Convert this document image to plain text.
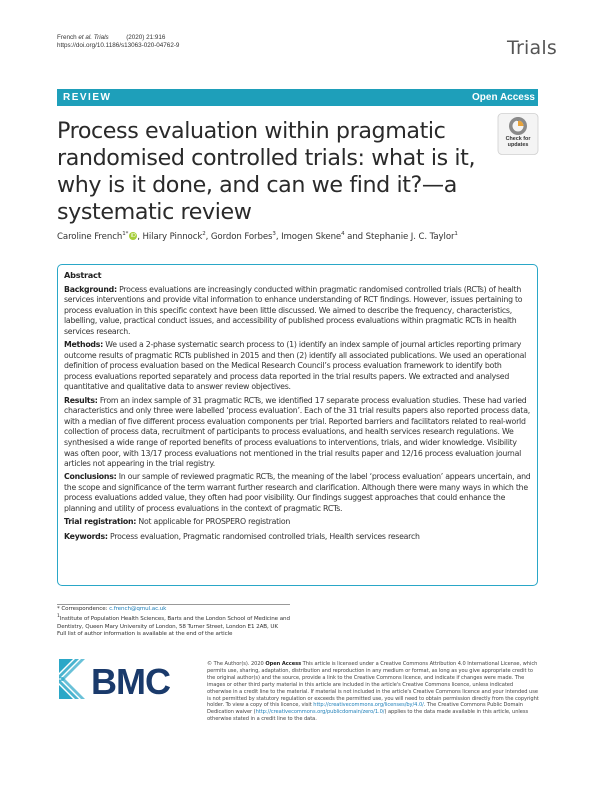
French et al. Trials	(2020) 21:916
https://doi.org/10.1186/s13063-020-04762-9	Trials
REVIEW	Open Access
Process evaluation within pragmatic randomised controlled trials: what is it, why is it done, and can we find it?—a systematic review
Check for
updates
Caroline French$^{1*}$ iD, Hilary Pinnock$^2$, Gordon Forbes$^3$, Imogen Skene$^4$ and Stephanie J. C. Taylor$^1$
Abstract

Background: Process evaluations are increasingly conducted within pragmatic randomised controlled trials (RCTs) of health services interventions and provide vital information to enhance understanding of RCT findings. However, issues pertaining to process evaluation in this specific context have been little discussed. We aimed to describe the frequency, characteristics, labelling, value, practical conduct issues, and accessibility of published process evaluations within pragmatic RCTs in health services research.

Methods: We used a 2-phase systematic search process to (1) identify an index sample of journal articles reporting primary outcome results of pragmatic RCTs published in 2015 and then (2) identify all associated publications. We used an operational definition of process evaluation based on the Medical Research Council’s process evaluation framework to identify both process evaluations reported separately and process data reported in the trial results papers. We extracted and analysed quantitative and qualitative data to answer review objectives.

Results: From an index sample of 31 pragmatic RCTs, we identified 17 separate process evaluation studies. These had varied characteristics and only three were labelled ‘process evaluation’. Each of the 31 trial results papers also reported process data, with a median of five different process evaluation components per trial. Reported barriers and facilitators related to real-world collection of process data, recruitment of participants to process evaluations, and health services research regulations. We synthesised a wide range of reported benefits of process evaluations to interventions, trials, and wider knowledge. Visibility was often poor, with 13/17 process evaluations not mentioned in the trial results paper and 12/16 process evaluation journal articles not appearing in the trial registry.

Conclusions: In our sample of reviewed pragmatic RCTs, the meaning of the label ‘process evaluation’ appears uncertain, and the scope and significance of the term warrant further research and clarification. Although there were many ways in which the process evaluations added value, they often had poor visibility. Our findings suggest approaches that could enhance the planning and utility of process evaluations in the context of pragmatic RCTs.

Trial registration: Not applicable for PROSPERO registration

Keywords: Process evaluation, Pragmatic randomised controlled trials, Health services research

* Correspondence: c.french@qmul.ac.uk

$^1$Institute of Population Health Sciences, Barts and the London School of Medicine and Dentistry, Queen Mary University of London, 58 Turner Street, London E1 2AB, UK

Full list of author information is available at the end of the article

BMC	© The Author(s). 2020 Open Access This article is licensed under a Creative Commons Attribution 4.0 International License, which permits use, sharing, adaptation, distribution and reproduction in any medium or format, as long as you give appropriate credit to the original author(s) and the source, provide a link to the Creative Commons licence, and indicate if changes were made. The images or other third party material in this article are included in the article's Creative Commons licence, unless indicated otherwise in a credit line to the material. If material is not included in the article's Creative Commons licence and your intended use is not permitted by statutory regulation or exceeds the permitted use, you will need to obtain permission directly from the copyright holder. To view a copy of this licence, visit http://creativecommons.org/licenses/by/4.0/. The Creative Commons Public Domain Dedication waiver (http://creativecommons.org/publicdomain/zero/1.0/) applies to the data made available in this article, unless otherwise stated in a credit line to the data.
